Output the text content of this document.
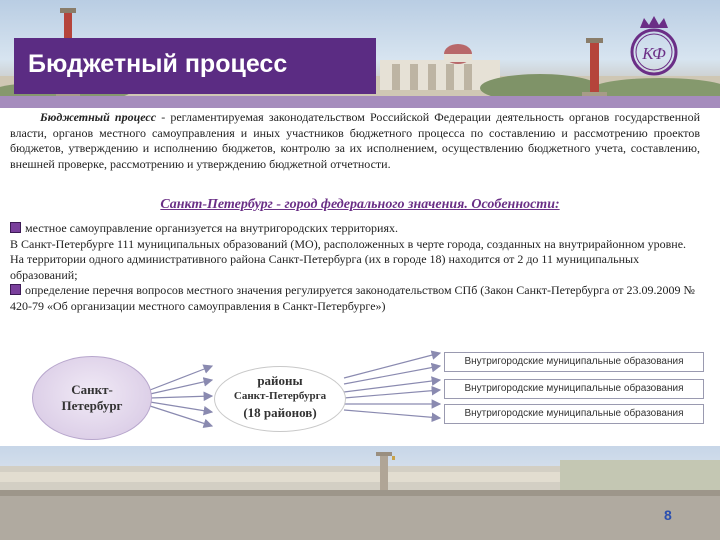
Бюджетный процесс	КФ

Бюджетный процесс - регламентируемая законодательством Российской Федерации деятельность органов государственной власти, органов местного самоуправления и иных участников бюджетного процесса по составлению и рассмотрению проектов бюджетов, утверждению и исполнению бюджетов, контролю за их исполнением, осуществлению бюджетного учета, составлению, внешней проверке, рассмотрению и утверждению бюджетной отчетности.

Санкт-Петербург - город федерального значения. Особенности:

местное самоуправление организуется на внутригородских территориях.

В Санкт-Петербурге 111 муниципальных образований (МО), расположенных в черте города, созданных на внутрирайонном уровне. На территории одного административного района Санкт-Петербурга (их в городе 18) находится от 2 до 11 муниципальных образований;

определение перечня вопросов местного значения регулируется законодательством СПб (Закон Санкт-Петербурга от 23.09.2009 № 420-79 «Об организации местного самоуправления в Санкт-Петербурге»)

Санкт-Петербург
районы
Санкт-Петербурга
(18 районов)
Внутригородские муниципальные образования
Внутригородские муниципальные образования
Внутригородские муниципальные образования
8
